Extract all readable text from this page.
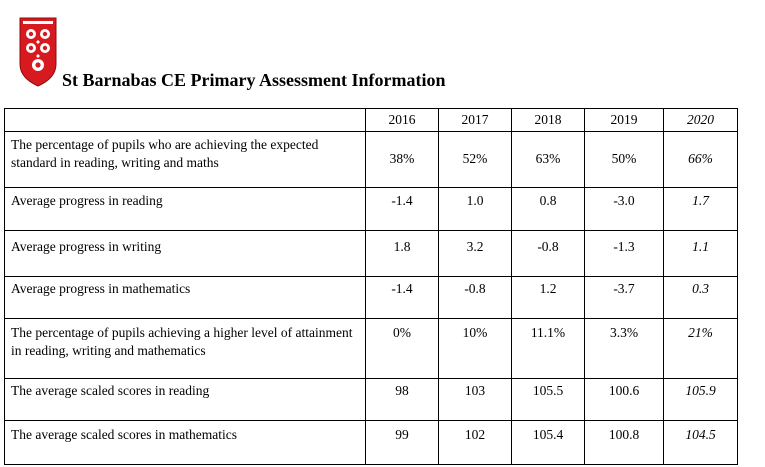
St Barnabas CE Primary Assessment Information
	2016	2017	2018	2019	2020
The percentage of pupils who are achieving the expected standard in reading, writing and maths	38%	52%	63%	50%	66%
Average progress in reading	-1.4	1.0	0.8	-3.0	1.7
Average progress in writing	1.8	3.2	-0.8	-1.3	1.1
Average progress in mathematics	-1.4	-0.8	1.2	-3.7	0.3
The percentage of pupils achieving a higher level of attainment in reading, writing and mathematics	0%	10%	11.1%	3.3%	21%
The average scaled scores in reading	98	103	105.5	100.6	105.9
The average scaled scores in mathematics	99	102	105.4	100.8	104.5
